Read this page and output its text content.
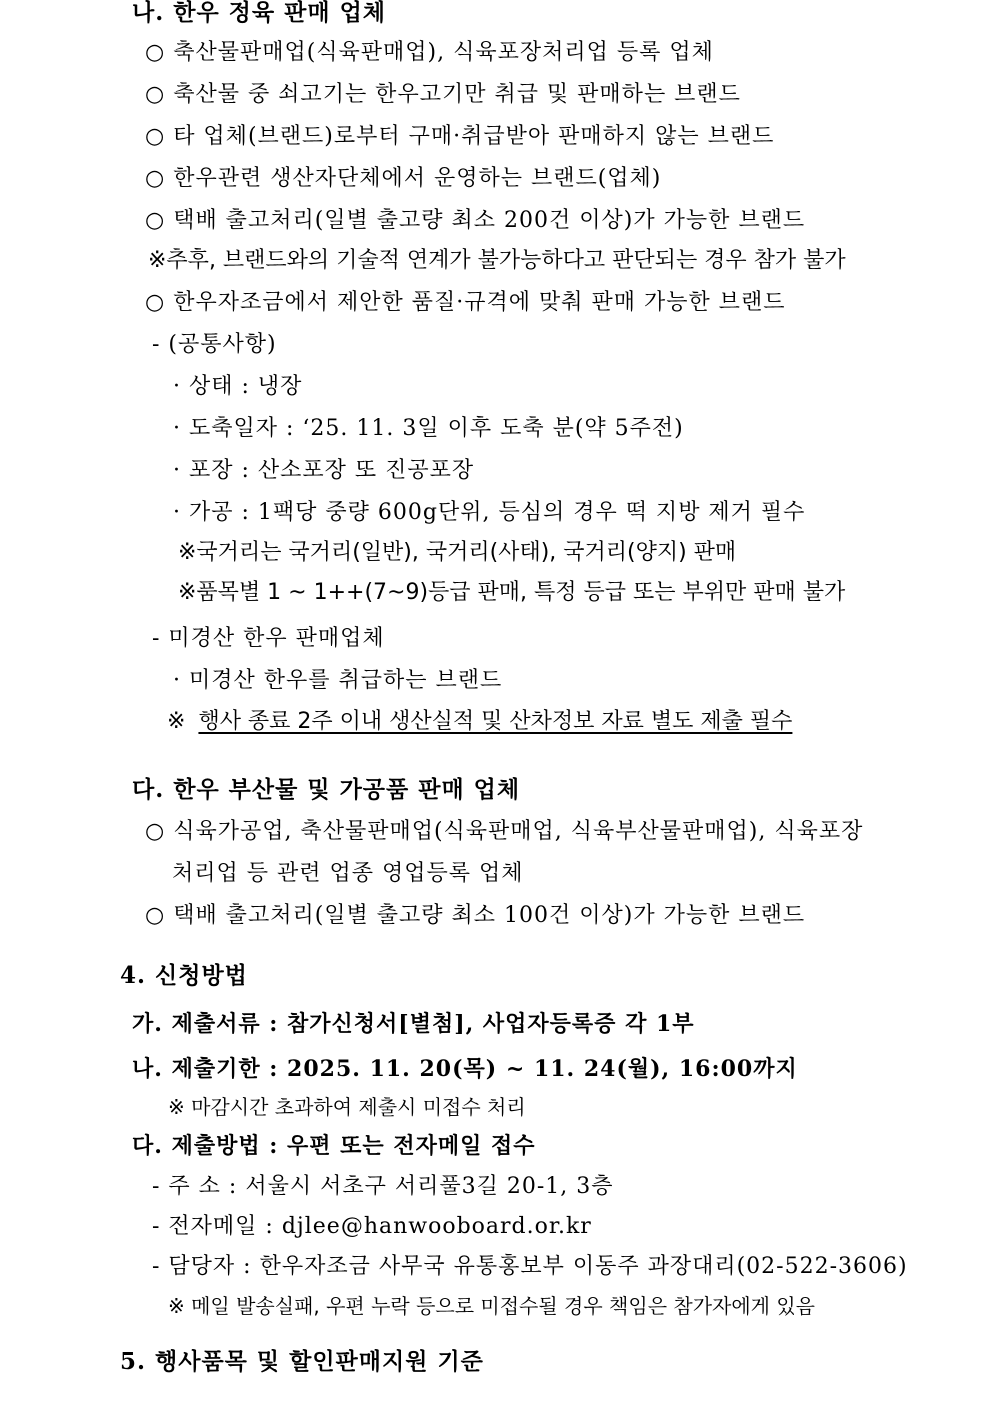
나. 한우 정육 판매 업체
○ 축산물판매업(식육판매업), 식육포장처리업 등록 업체
○ 축산물 중 쇠고기는 한우고기만 취급 및 판매하는 브랜드
○ 타 업체(브랜드)로부터 구매·취급받아 판매하지 않는 브랜드
○ 한우관련 생산자단체에서 운영하는 브랜드(업체)
○ 택배 출고처리(일별 출고량 최소 200건 이상)가 가능한 브랜드
※추후, 브랜드와의 기술적 연계가 불가능하다고 판단되는 경우 참가 불가
○ 한우자조금에서 제안한 품질·규격에 맞춰 판매 가능한 브랜드
- (공통사항)
· 상태 : 냉장
· 도축일자 : ‘25. 11. 3일 이후 도축 분(약 5주전)
· 포장 : 산소포장 또 진공포장
· 가공 : 1팩당 중량 600g단위, 등심의 경우 떡 지방 제거 필수
※국거리는 국거리(일반), 국거리(사태), 국거리(양지) 판매
※품목별 1 ~ 1++(7~9)등급 판매, 특정 등급 또는 부위만 판매 불가
- 미경산 한우 판매업체
· 미경산 한우를 취급하는 브랜드
※ 행사 종료 2주 이내 생산실적 및 산차정보 자료 별도 제출 필수
다. 한우 부산물 및 가공품 판매 업체
○ 식육가공업, 축산물판매업(식육판매업, 식육부산물판매업), 식육포장
처리업 등 관련 업종 영업등록 업체
○ 택배 출고처리(일별 출고량 최소 100건 이상)가 가능한 브랜드
4. 신청방법
가. 제출서류 : 참가신청서[별첨], 사업자등록증 각 1부
나. 제출기한 : 2025. 11. 20(목) ~ 11. 24(월), 16:00까지
※ 마감시간 초과하여 제출시 미접수 처리
다. 제출방법 : 우편 또는 전자메일 접수
- 주 소 : 서울시 서초구 서리풀3길 20-1, 3층
- 전자메일 : djlee@hanwooboard.or.kr
- 담당자 : 한우자조금 사무국 유통홍보부 이동주 과장대리(02-522-3606)
※ 메일 발송실패, 우편 누락 등으로 미접수될 경우 책임은 참가자에게 있음
5. 행사품목 및 할인판매지원 기준
